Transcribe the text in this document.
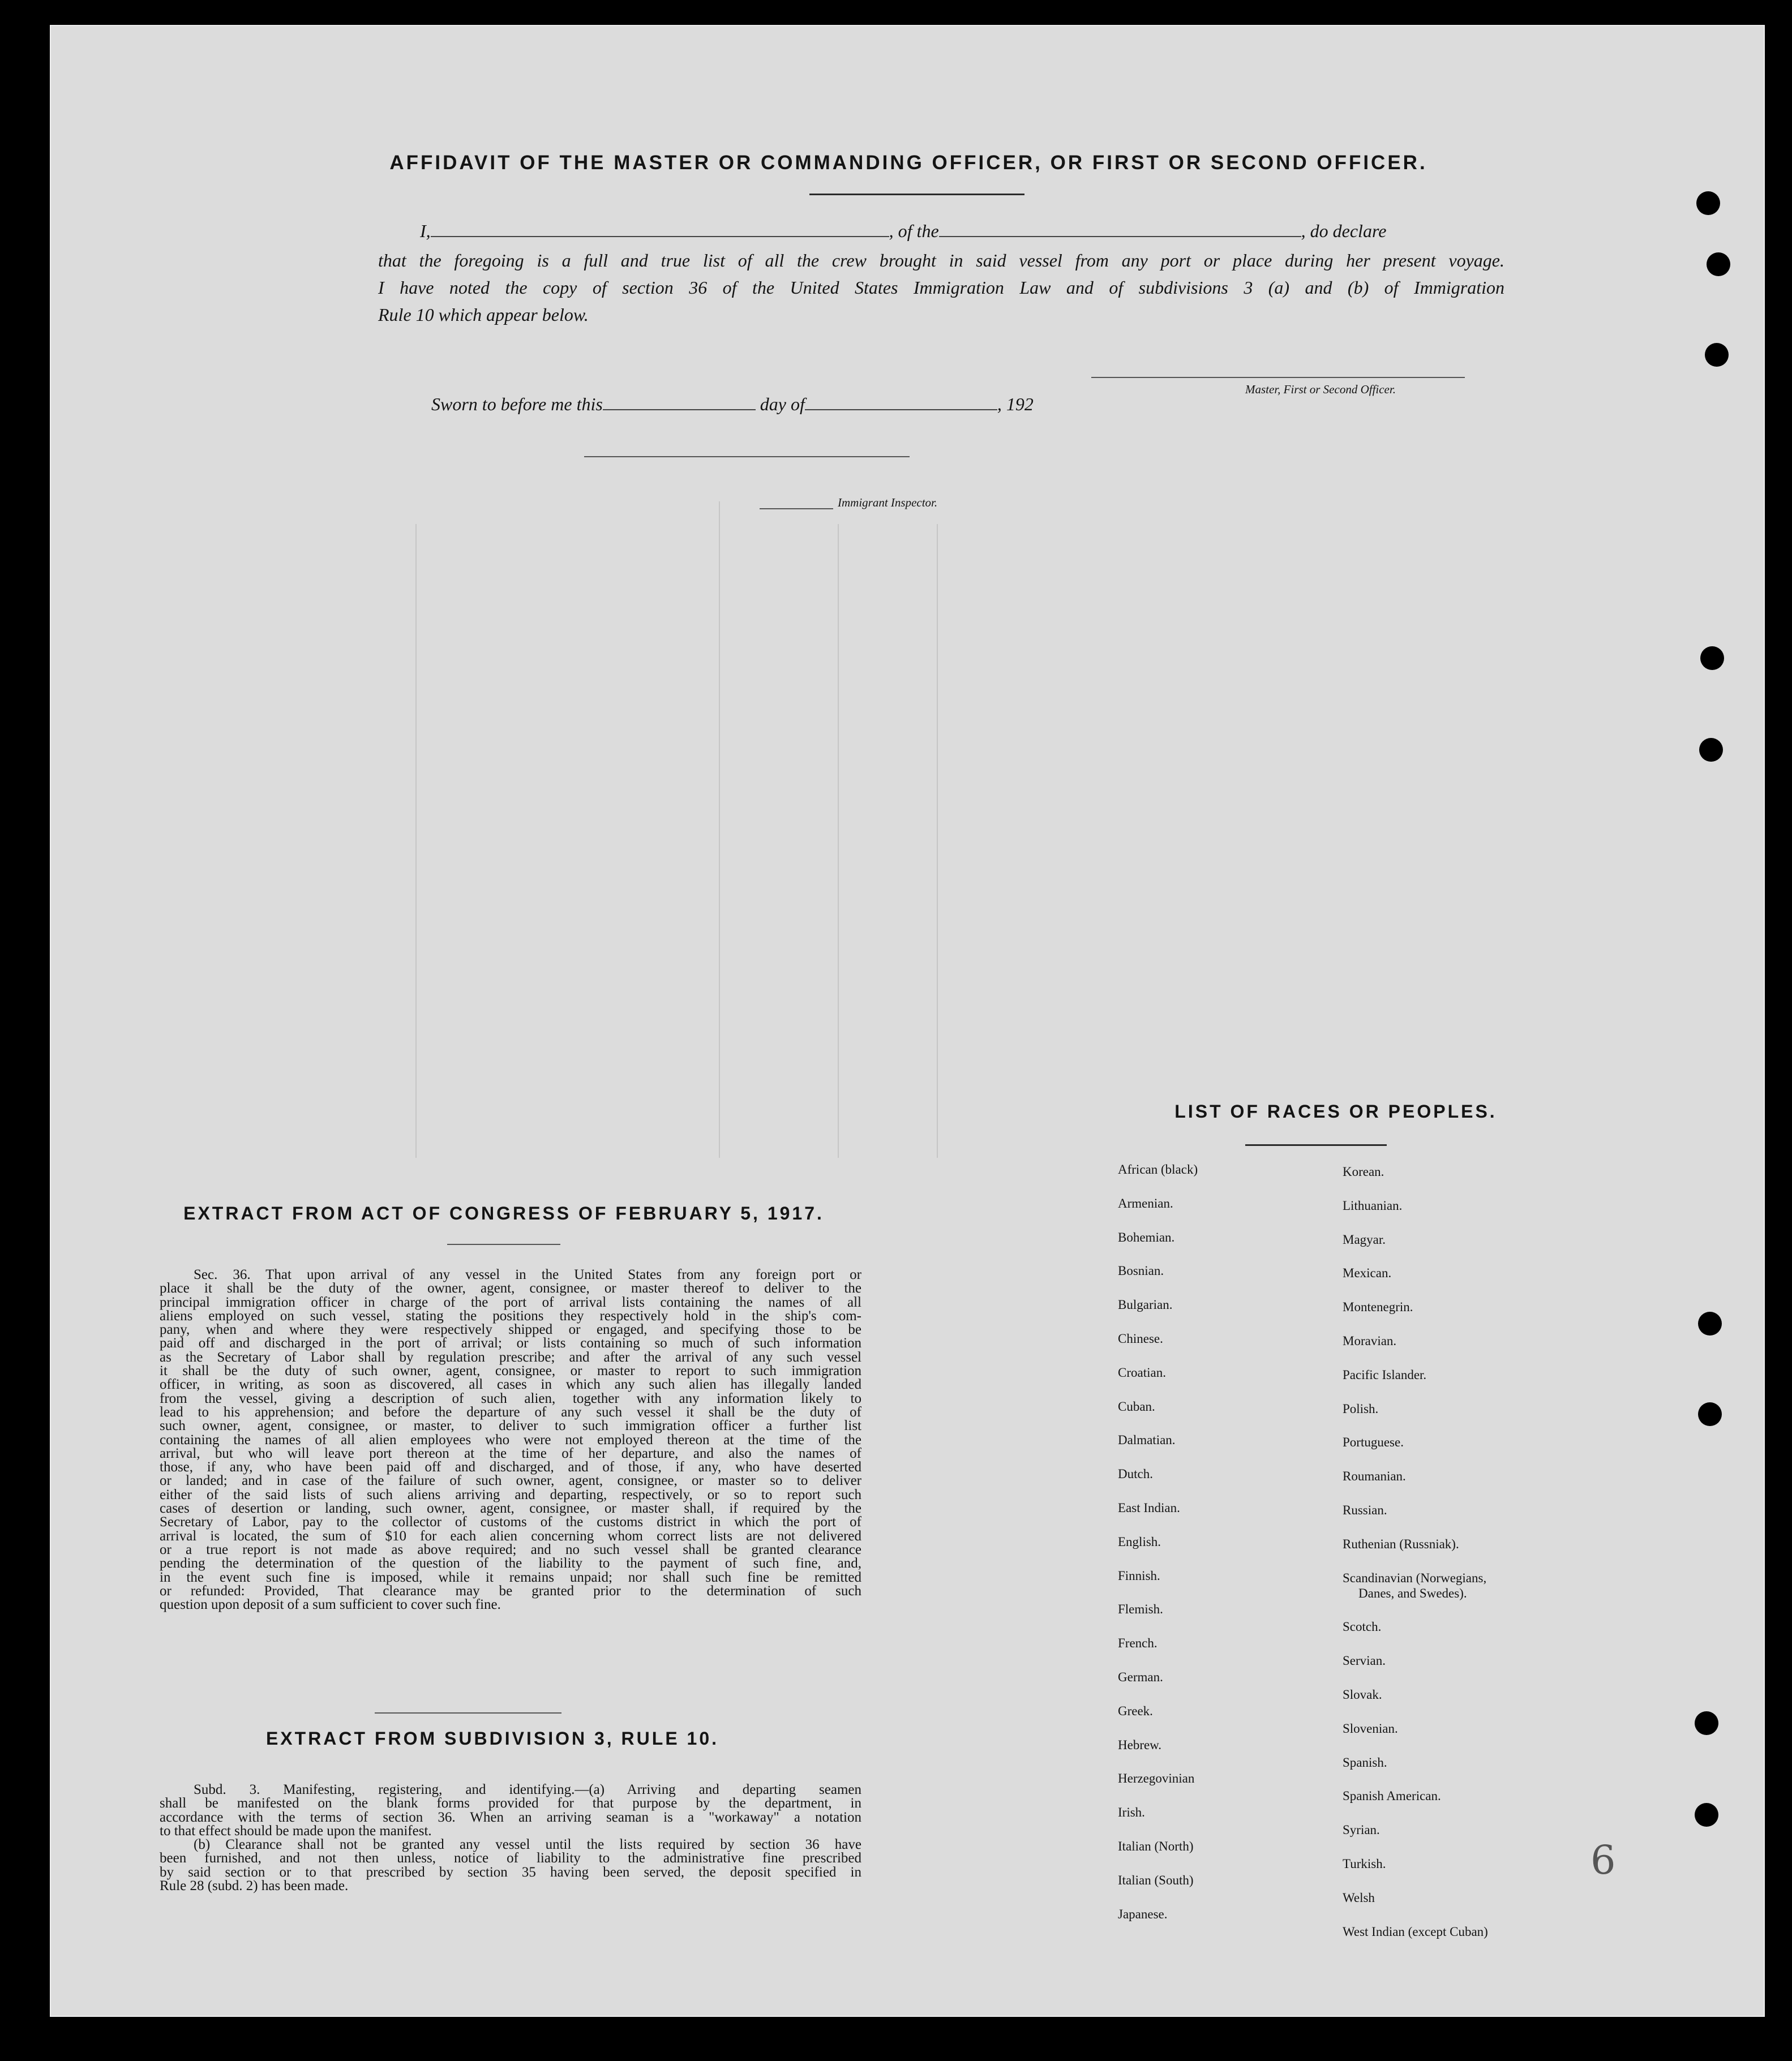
AFFIDAVIT OF THE MASTER OR COMMANDING OFFICER, OR FIRST OR SECOND OFFICER.
I,	, of the	, do declare
that the foregoing is a full and true list of all the crew brought in said vessel from any port or place during her present voyage.
I have noted the copy of section 36 of the United States Immigration Law and of subdivisions 3 (a) and (b) of Immigration
Rule 10 which appear below.
Master, First or Second Officer.
Sworn to before me this	day of	, 192
Immigrant Inspector.
EXTRACT FROM ACT OF CONGRESS OF FEBRUARY 5, 1917.
Sec. 36. That upon arrival of any vessel in the United States from any foreign port or
place it shall be the duty of the owner, agent, consignee, or master thereof to deliver to the
principal immigration officer in charge of the port of arrival lists containing the names of all
aliens employed on such vessel, stating the positions they respectively hold in the ship's com-
pany, when and where they were respectively shipped or engaged, and specifying those to be
paid off and discharged in the port of arrival; or lists containing so much of such information
as the Secretary of Labor shall by regulation prescribe; and after the arrival of any such vessel
it shall be the duty of such owner, agent, consignee, or master to report to such immigration
officer, in writing, as soon as discovered, all cases in which any such alien has illegally landed
from the vessel, giving a description of such alien, together with any information likely to
lead to his apprehension; and before the departure of any such vessel it shall be the duty of
such owner, agent, consignee, or master, to deliver to such immigration officer a further list
containing the names of all alien employees who were not employed thereon at the time of the
arrival, but who will leave port thereon at the time of her departure, and also the names of
those, if any, who have been paid off and discharged, and of those, if any, who have deserted
or landed; and in case of the failure of such owner, agent, consignee, or master so to deliver
either of the said lists of such aliens arriving and departing, respectively, or so to report such
cases of desertion or landing, such owner, agent, consignee, or master shall, if required by the
Secretary of Labor, pay to the collector of customs of the customs district in which the port of
arrival is located, the sum of $10 for each alien concerning whom correct lists are not delivered
or a true report is not made as above required; and no such vessel shall be granted clearance
pending the determination of the question of the liability to the payment of such fine, and,
in the event such fine is imposed, while it remains unpaid; nor shall such fine be remitted
or refunded: Provided, That clearance may be granted prior to the determination of such
question upon deposit of a sum sufficient to cover such fine.
EXTRACT FROM SUBDIVISION 3, RULE 10.
Subd. 3. Manifesting, registering, and identifying.—(a) Arriving and departing seamen
shall be manifested on the blank forms provided for that purpose by the department, in
accordance with the terms of section 36. When an arriving seaman is a "workaway" a notation
to that effect should be made upon the manifest.
(b) Clearance shall not be granted any vessel until the lists required by section 36 have
been furnished, and not then unless, notice of liability to the administrative fine prescribed
by said section or to that prescribed by section 35 having been served, the deposit specified in
Rule 28 (subd. 2) has been made.
LIST OF RACES OR PEOPLES.
African (black)
Armenian.
Bohemian.
Bosnian.
Bulgarian.
Chinese.
Croatian.
Cuban.
Dalmatian.
Dutch.
East Indian.
English.
Finnish.
Flemish.
French.
German.
Greek.
Hebrew.
Herzegovinian
Irish.
Italian (North)
Italian (South)
Japanese.
Korean.
Lithuanian.
Magyar.
Mexican.
Montenegrin.
Moravian.
Pacific Islander.
Polish.
Portuguese.
Roumanian.
Russian.
Ruthenian (Russniak).
Scandinavian (Norwegians,
Danes, and Swedes).
Scotch.
Servian.
Slovak.
Slovenian.
Spanish.
Spanish American.
Syrian.
Turkish.
Welsh
West Indian (except Cuban)
6
